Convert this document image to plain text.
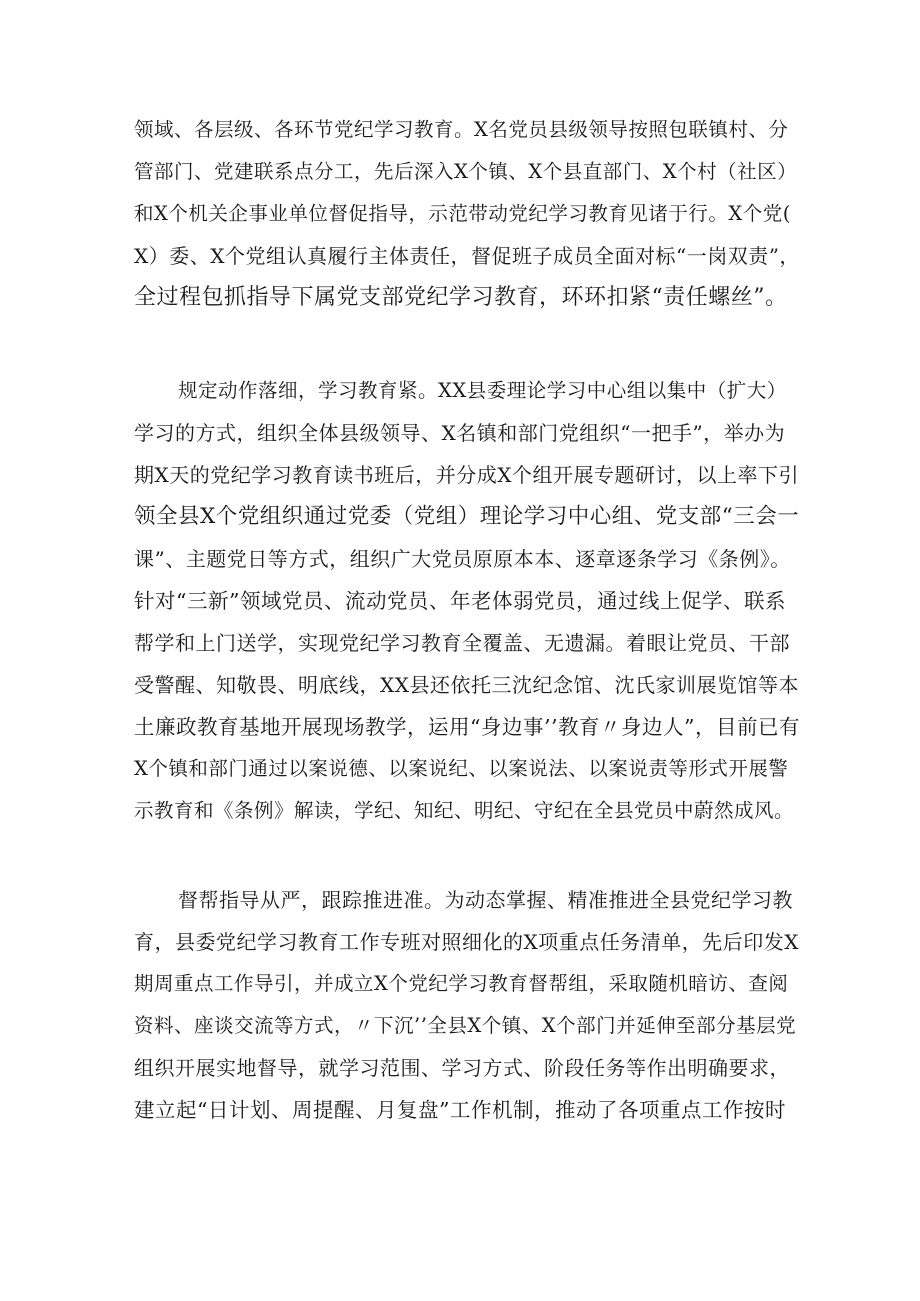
领域、各层级、各环节党纪学习教育。X名党员县级领导按照包联镇村、分
管部门、党建联系点分工，先后深入X个镇、X个县直部门、X个村（社区）
和X个机关企事业单位督促指导，示范带动党纪学习教育见诸于行。X个党(
X）委、X个党组认真履行主体责任，督促班子成员全面对标“一岗双责”，
全过程包抓指导下属党支部党纪学习教育，环环扣紧“责任螺丝”。
规定动作落细，学习教育紧。XX县委理论学习中心组以集中（扩大）
学习的方式，组织全体县级领导、X名镇和部门党组织“一把手”，举办为
期X天的党纪学习教育读书班后，并分成X个组开展专题研讨，以上率下引
领全县X个党组织通过党委（党组）理论学习中心组、党支部“三会一
课”、主题党日等方式，组织广大党员原原本本、逐章逐条学习《条例》。
针对“三新”领域党员、流动党员、年老体弱党员，通过线上促学、联系
帮学和上门送学，实现党纪学习教育全覆盖、无遗漏。着眼让党员、干部
受警醒、知敬畏、明底线，XX县还依托三沈纪念馆、沈氏家训展览馆等本
土廉政教育基地开展现场教学，运用“身边事’’教育〃身边人”，目前已有
X个镇和部门通过以案说德、以案说纪、以案说法、以案说责等形式开展警
示教育和《条例》解读，学纪、知纪、明纪、守纪在全县党员中蔚然成风。
督帮指导从严，跟踪推进准。为动态掌握、精准推进全县党纪学习教
育，县委党纪学习教育工作专班对照细化的X项重点任务清单，先后印发X
期周重点工作导引，并成立X个党纪学习教育督帮组，采取随机暗访、查阅
资料、座谈交流等方式，〃下沉’’全县X个镇、X个部门并延伸至部分基层党
组织开展实地督导，就学习范围、学习方式、阶段任务等作出明确要求，
建立起“日计划、周提醒、月复盘”工作机制，推动了各项重点工作按时
